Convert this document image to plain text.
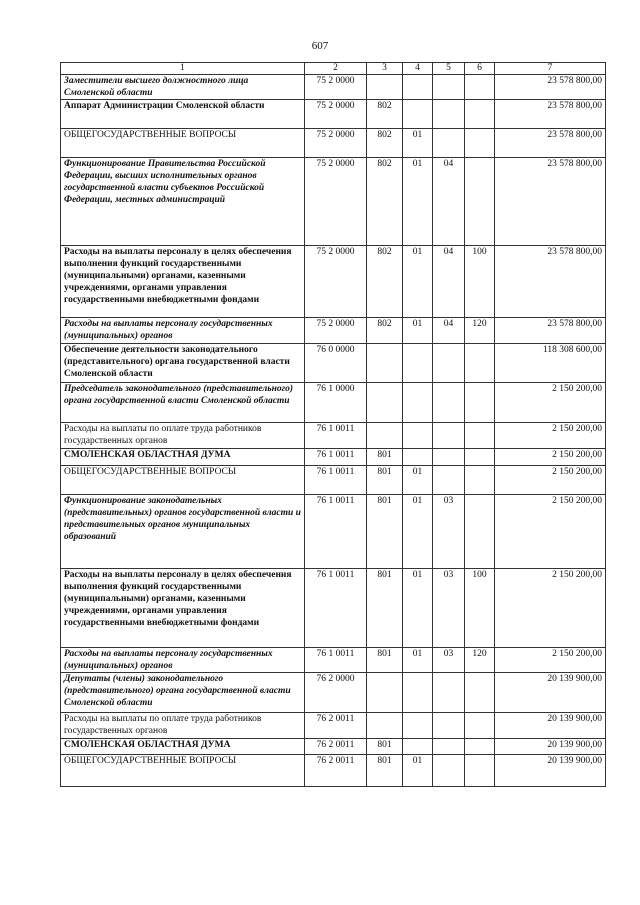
607
1	2	3	4	5	6	7
Заместители высшего должностного лица Смоленской области	75 2 0000					23 578 800,00
Аппарат Администрации Смоленской области	75 2 0000	802				23 578 800,00
ОБЩЕГОСУДАРСТВЕННЫЕ ВОПРОСЫ	75 2 0000	802	01			23 578 800,00
Функционирование Правительства Российской Федерации, высших исполнительных органов государственной власти субъектов Российской Федерации, местных администраций	75 2 0000	802	01	04		23 578 800,00
Расходы на выплаты персоналу в целях обеспечения выполнения функций государственными (муниципальными) органами, казенными учреждениями, органами управления государственными внебюджетными фондами	75 2 0000	802	01	04	100	23 578 800,00
Расходы на выплаты персоналу государственных (муниципальных) органов	75 2 0000	802	01	04	120	23 578 800,00
Обеспечение деятельности законодательного (представительного) органа государственной власти Смоленской области	76 0 0000					118 308 600,00
Председатель законодательного (представительного) органа государственной власти Смоленской области	76 1 0000					2 150 200,00
Расходы на выплаты по оплате труда работников государственных органов	76 1 0011					2 150 200,00
СМОЛЕНСКАЯ ОБЛАСТНАЯ ДУМА	76 1 0011	801				2 150 200,00
ОБЩЕГОСУДАРСТВЕННЫЕ ВОПРОСЫ	76 1 0011	801	01			2 150 200,00
Функционирование законодательных (представительных) органов государственной власти и представительных органов муниципальных образований	76 1 0011	801	01	03		2 150 200,00
Расходы на выплаты персоналу в целях обеспечения выполнения функций государственными (муниципальными) органами, казенными учреждениями, органами управления государственными внебюджетными фондами	76 1 0011	801	01	03	100	2 150 200,00
Расходы на выплаты персоналу государственных (муниципальных) органов	76 1 0011	801	01	03	120	2 150 200,00
Депутаты (члены) законодательного (представительного) органа государственной власти Смоленской области	76 2 0000					20 139 900,00
Расходы на выплаты по оплате труда работников государственных органов	76 2 0011					20 139 900,00
СМОЛЕНСКАЯ ОБЛАСТНАЯ ДУМА	76 2 0011	801				20 139 900,00
ОБЩЕГОСУДАРСТВЕННЫЕ ВОПРОСЫ	76 2 0011	801	01			20 139 900,00
